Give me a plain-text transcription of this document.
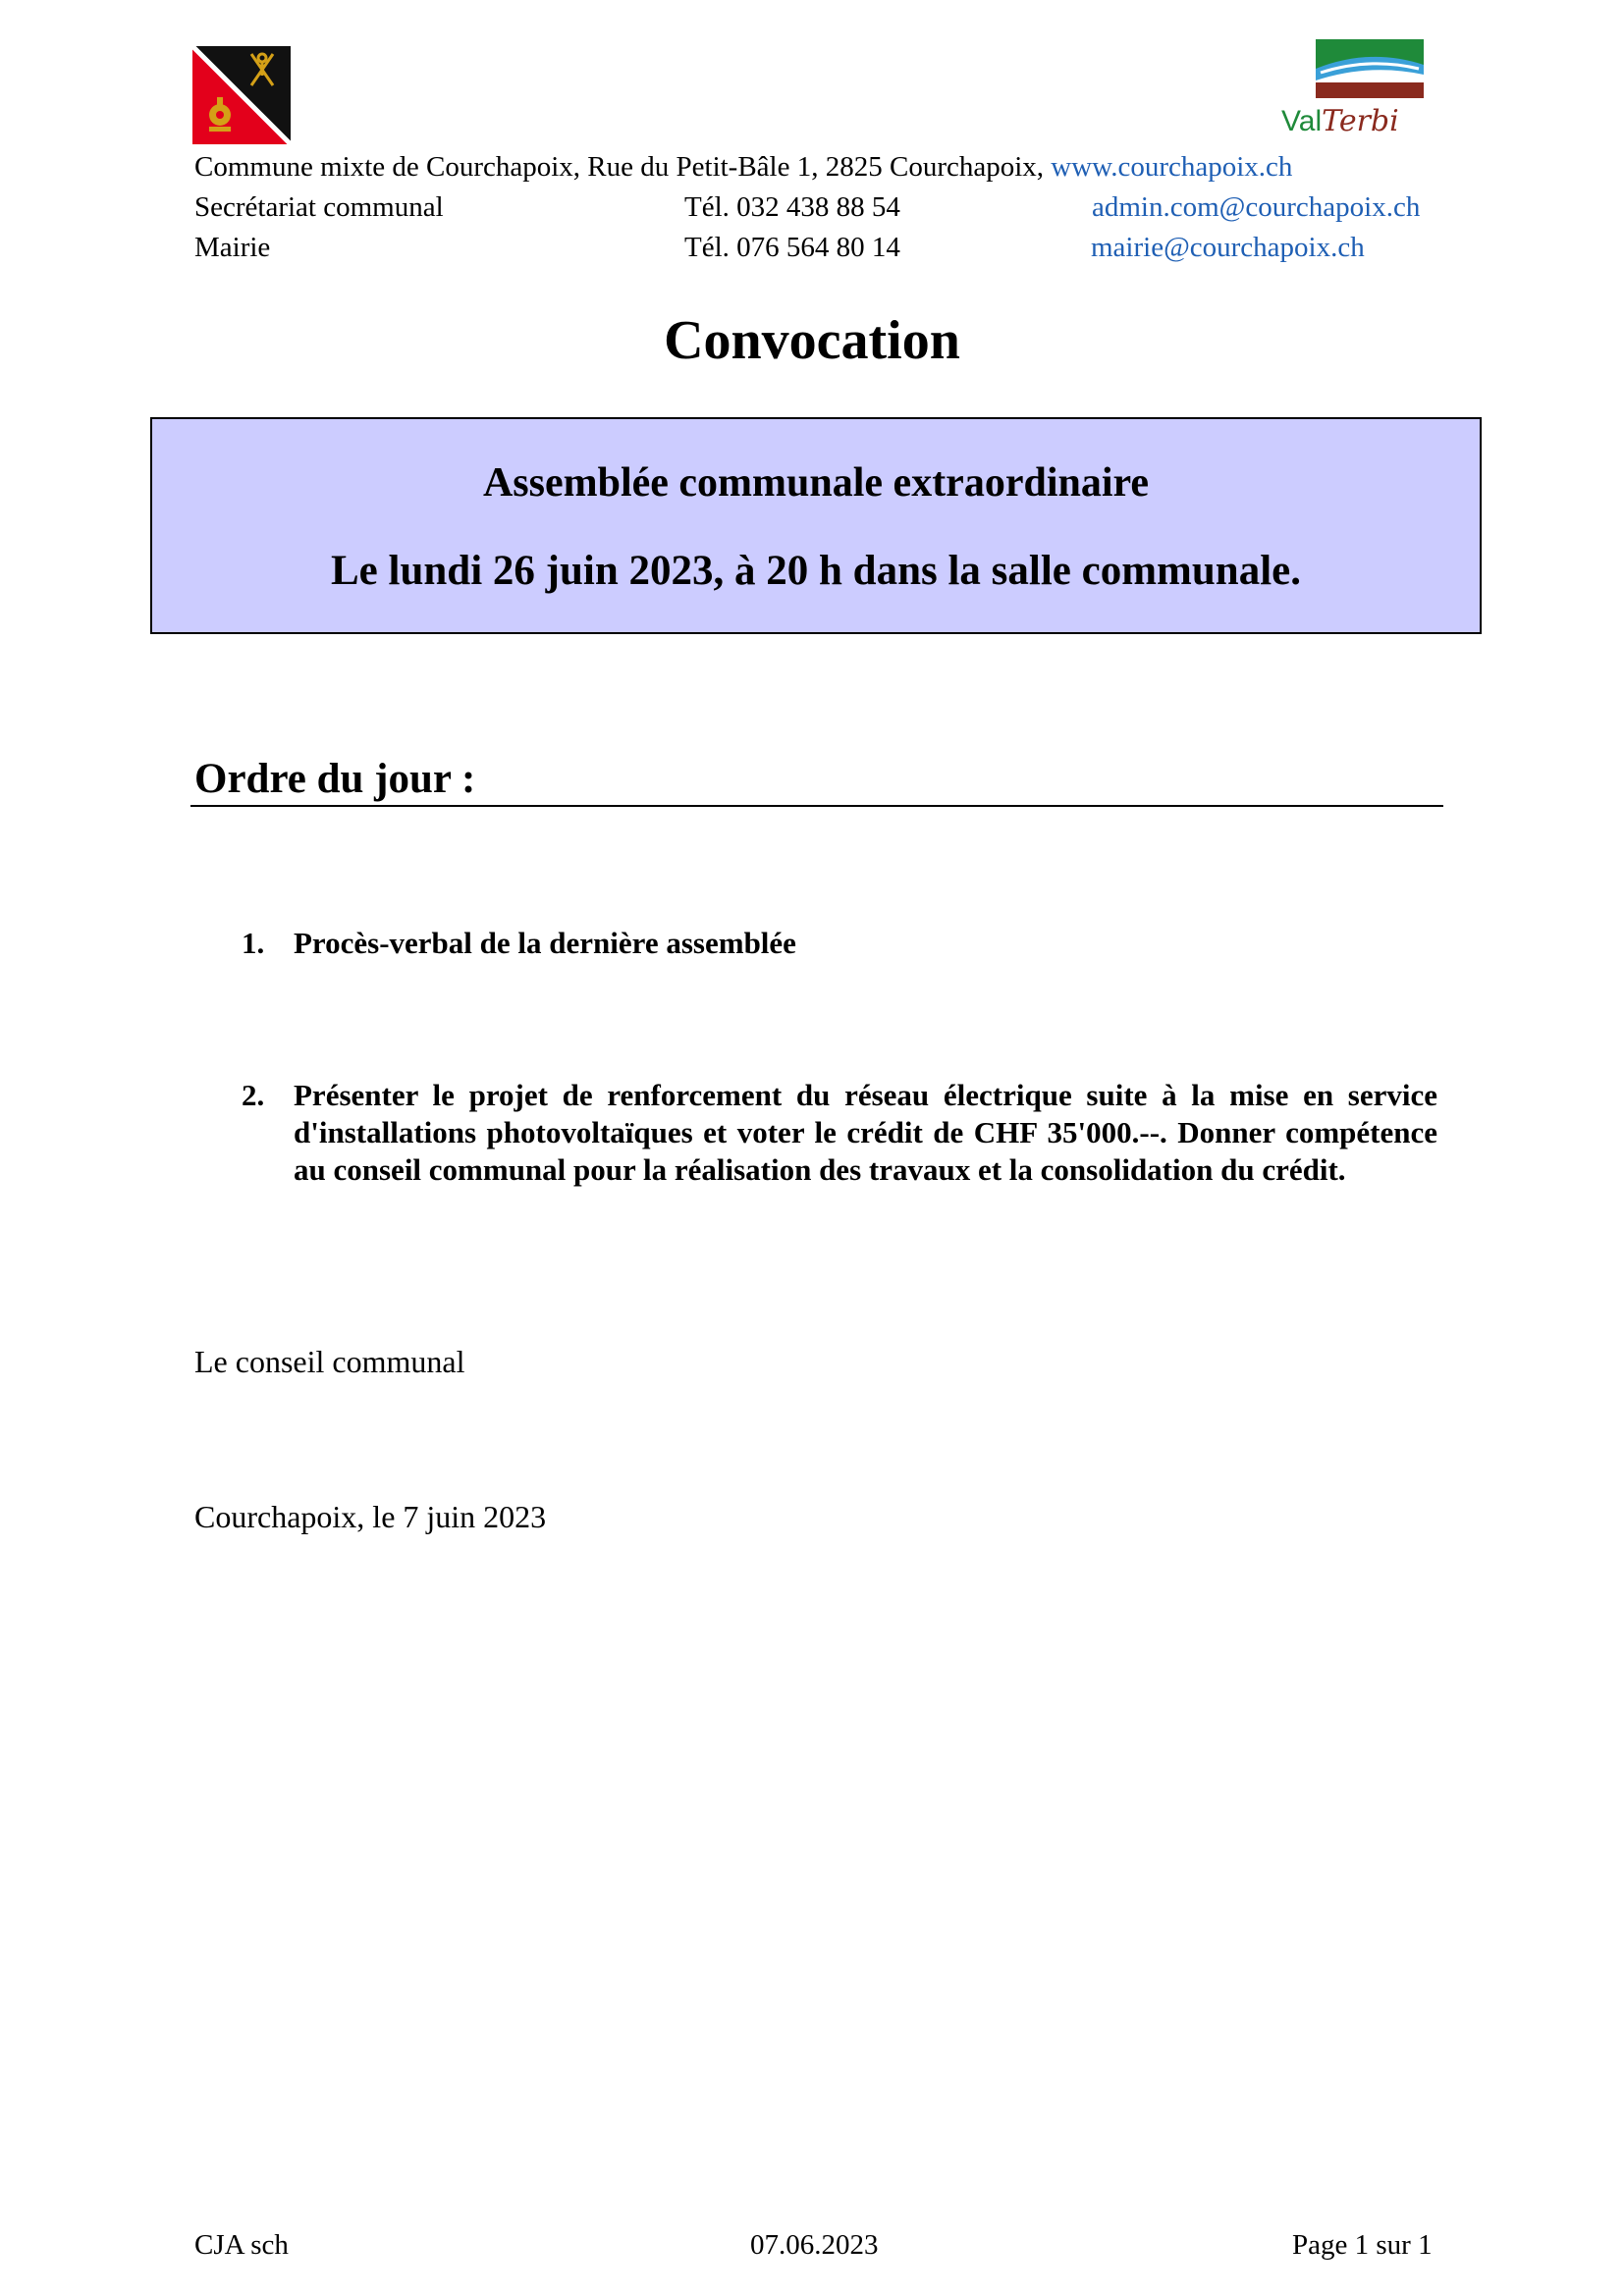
ValTerbi
Commune mixte de Courchapoix, Rue du Petit-Bâle 1, 2825 Courchapoix, www.courchapoix.ch
Secrétariat communal	Tél. 032 438 88 54	admin.com@courchapoix.ch
Mairie	Tél. 076 564 80 14	mairie@courchapoix.ch
Convocation
Assemblée communale extraordinaire
Le lundi 26 juin 2023, à 20 h dans la salle communale.
Ordre du jour :
1. Procès-verbal de la dernière assemblée
2. Présenter le projet de renforcement du réseau électrique suite à la mise en service d'installations photovoltaïques et voter le crédit de CHF 35'000.--. Donner compétence au conseil communal pour la réalisation des travaux et la consolidation du crédit.
Le conseil communal
Courchapoix, le 7 juin 2023
CJA sch	07.06.2023	Page 1 sur 1
